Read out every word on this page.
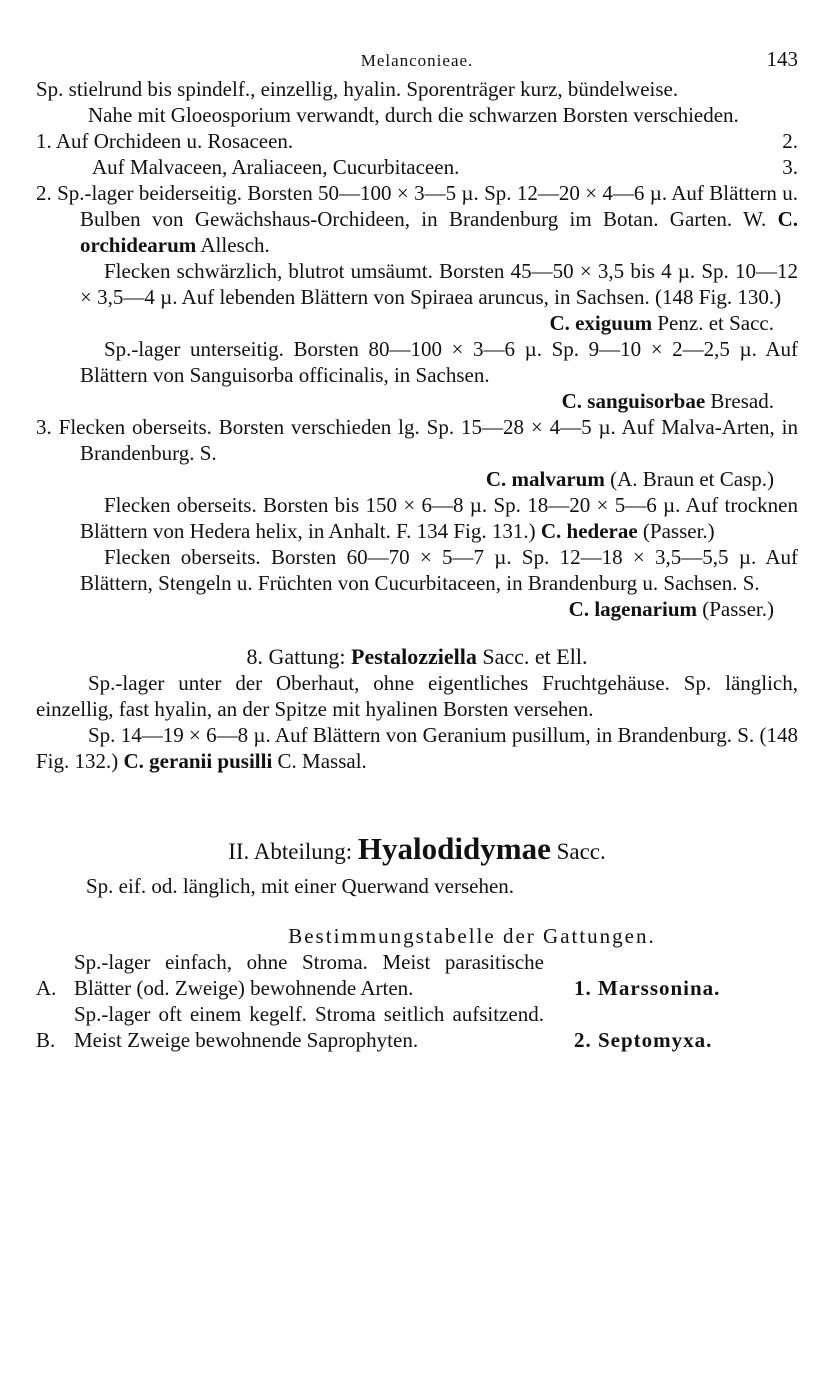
Melanconieae.	143

Sp. stielrund bis spindelf., einzellig, hyalin. Sporenträger kurz, bündelweise.

Nahe mit Gloeosporium verwandt, durch die schwarzen Borsten verschieden.

1. Auf Orchideen u. Rosaceen.	2.
Auf Malvaceen, Araliaceen, Cucurbitaceen.	3.

2. Sp.-lager beiderseitig. Borsten 50—100 × 3—5 µ. Sp. 12—20 × 4—6 µ. Auf Blättern u. Bulben von Gewächshaus-Orchideen, in Brandenburg im Botan. Garten. W. C. orchidearum Allesch.

Flecken schwärzlich, blutrot umsäumt. Borsten 45—50 × 3,5 bis 4 µ. Sp. 10—12 × 3,5—4 µ. Auf lebenden Blättern von Spiraea aruncus, in Sachsen. (148 Fig. 130.)

C. exiguum Penz. et Sacc.

Sp.-lager unterseitig. Borsten 80—100 × 3—6 µ. Sp. 9—10 × 2—2,5 µ. Auf Blättern von Sanguisorba officinalis, in Sachsen.

C. sanguisorbae Bresad.

3. Flecken oberseits. Borsten verschieden lg. Sp. 15—28 × 4—5 µ. Auf Malva-Arten, in Brandenburg. S.

C. malvarum (A. Braun et Casp.)

Flecken oberseits. Borsten bis 150 × 6—8 µ. Sp. 18—20 × 5—6 µ. Auf trocknen Blättern von Hedera helix, in Anhalt. F. 134 Fig. 131.) C. hederae (Passer.)

Flecken oberseits. Borsten 60—70 × 5—7 µ. Sp. 12—18 × 3,5—5,5 µ. Auf Blättern, Stengeln u. Früchten von Cucurbitaceen, in Brandenburg u. Sachsen. S.

C. lagenarium (Passer.)

8. Gattung: Pestalozziella Sacc. et Ell.

Sp.-lager unter der Oberhaut, ohne eigentliches Fruchtgehäuse. Sp. länglich, einzellig, fast hyalin, an der Spitze mit hyalinen Borsten versehen.

Sp. 14—19 × 6—8 µ. Auf Blättern von Geranium pusillum, in Brandenburg. S. (148 Fig. 132.) C. geranii pusilli C. Massal.

II. Abteilung: Hyalodidymae Sacc.

Sp. eif. od. länglich, mit einer Querwand versehen.

Bestimmungstabelle der Gattungen.

A.
Sp.-lager einfach, ohne Stroma. Meist parasitische Blätter (od. Zweige) bewohnende Arten.	1. Marssonina.
B.
Sp.-lager oft einem kegelf. Stroma seitlich aufsitzend. Meist Zweige bewohnende Saprophyten.	2. Septomyxa.
